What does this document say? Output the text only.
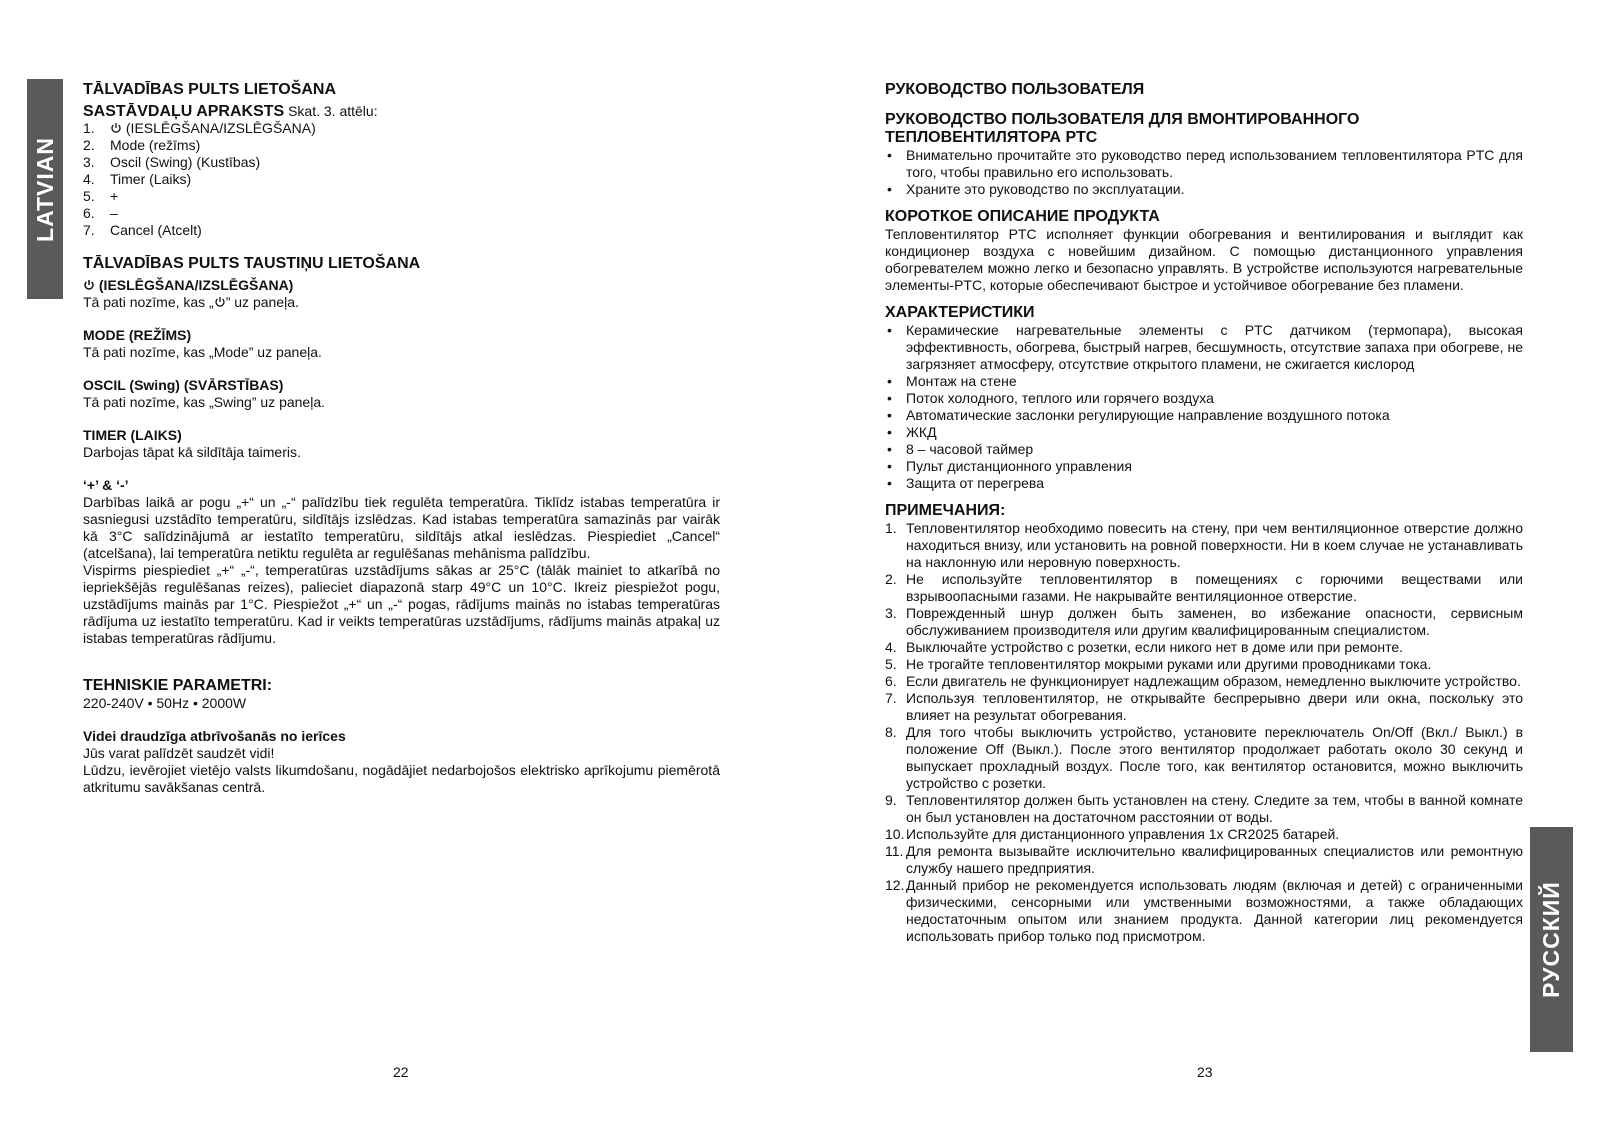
LATVIAN
РУССКИЙ
TĀLVADĪBAS PULTS LIETOŠANA

SASTĀVDAĻU APRAKSTS Skat. 3. attēlu:

1. (IESLĒGŠANA/IZSLĒGŠANA)
2. Mode (režīms)
3. Oscil (Swing) (Kustības)
4. Timer (Laiks)
5. +
6. –
7. Cancel (Atcelt)
TĀLVADĪBAS PULTS TAUSTIŅU LIETOŠANA
(IESLĒGŠANA/IZSLĒGŠANA)

Tā pati nozīme, kas „ ” uz paneļa.

MODE (REŽĪMS)

Tā pati nozīme, kas „Mode” uz paneļa.

OSCIL (Swing) (SVĀRSTĪBAS)

Tā pati nozīme, kas „Swing” uz paneļa.

TIMER (LAIKS)

Darbojas tāpat kā sildītāja taimeris.

‘+’ & ‘-’

Darbības laikā ar pogu „+“ un „-“ palīdzību tiek regulēta temperatūra. Tiklīdz istabas temperatūra ir sasniegusi uzstādīto temperatūru, sildītājs izslēdzas. Kad istabas temperatūra samazinās par vairāk kā 3°C salīdzinājumā ar iestatīto temperatūru, sildītājs atkal ieslēdzas. Piespiediet „Cancel“ (atcelšana), lai temperatūra netiktu regulēta ar regulēšanas mehānisma palīdzību.

Vispirms piespiediet „+“ „-“, temperatūras uzstādījums sākas ar 25°C (tālāk mainiet to atkarībā no iepriekšējās regulēšanas reizes), palieciet diapazonā starp 49°C un 10°C. Ikreiz piespiežot pogu, uzstādījums mainās par 1°C. Piespiežot „+“ un „-“ pogas, rādījums mainās no istabas temperatūras rādījuma uz iestatīto temperatūru. Kad ir veikts temperatūras uzstādījums, rādījums mainās atpakaļ uz istabas temperatūras rādījumu.

TEHNISKIE PARAMETRI:

220-240V • 50Hz • 2000W

Videi draudzīga atbrīvošanās no ierīces

Jūs varat palīdzēt saudzēt vidi!

Lūdzu, ievērojiet vietējo valsts likumdošanu, nogādājiet nedarbojošos elektrisko aprīkojumu piemērotā atkritumu savākšanas centrā.

РУКОВОДСТВО ПОЛЬЗОВАТЕЛЯ
РУКОВОДСТВО ПОЛЬЗОВАТЕЛЯ ДЛЯ ВМОНТИРОВАННОГО ТЕПЛОВЕНТИЛЯТОРА РТС
• Внимательно прочитайте это руководство перед использованием тепловентилятора PTC для того, чтобы правильно его использовать.
• Храните это руководство по эксплуатации.
КОРОТКОЕ ОПИСАНИЕ ПРОДУКТА

Тепловентилятор PTC исполняет функции обогревания и вентилирования и выглядит как кондиционер воздуха с новейшим дизайном. С помощью дистанционного управления обогревателем можно легко и безопасно управлять. В устройстве используются нагревательные элементы-PTC, которые обеспечивают быстрое и устойчивое обогревание без пламени.

ХАРАКТЕРИСТИКИ
• Керамические нагревательные элементы с PTC датчиком (термопара), высокая эффективность, обогрева, быстрый нагрев, бесшумность, отсутствие запаха при обогреве, не загрязняет атмосферу, отсутствие открытого пламени, не сжигается кислород
• Монтаж на стене
• Поток холодного, теплого или горячего воздуха
• Автоматические заслонки регулирующие направление воздушного потока
• ЖКД
• 8 – часовой таймер
• Пульт дистанционного управления
• Защита от перегрева
ПРИМЕЧАНИЯ:
1. Тепловентилятор необходимо повесить на стену, при чем вентиляционное отверстие должно находиться внизу, или установить на ровной поверхности. Ни в коем случае не устанавливать на наклонную или неровную поверхность.
2. Не используйте тепловентилятор в помещениях с горючими веществами или взрывоопасными газами. Не накрывайте вентиляционное отверстие.
3. Поврежденный шнур должен быть заменен, во избежание опасности, сервисным обслуживанием производителя или другим квалифицированным специалистом.
4. Выключайте устройство с розетки, если никого нет в доме или при ремонте.
5. Не трогайте тепловентилятор мокрыми руками или другими проводниками тока.
6. Если двигатель не функционирует надлежащим образом, немедленно выключите устройство.
7. Используя тепловентилятор, не открывайте беспрерывно двери или окна, поскольку это влияет на результат обогревания.
8. Для того чтобы выключить устройство, установите переключатель On/Off (Вкл./ Выкл.) в положение Off (Выкл.). После этого вентилятор продолжает работать около 30 секунд и выпускает прохладный воздух. После того, как вентилятор остановится, можно выключить устройство с розетки.
9. Тепловентилятор должен быть установлен на стену. Следите за тем, чтобы в ванной комнате он был установлен на достаточном расстоянии от воды.
10. Используйте для дистанционного управления 1x CR2025 батарей.
11. Для ремонта вызывайте исключительно квалифицированных специалистов или ремонтную службу нашего предприятия.
12. Данный прибор не рекомендуется использовать людям (включая и детей) с ограниченными физическими, сенсорными или умственными возможностями, а также обладающих недостаточным опытом или знанием продукта. Данной категории лиц рекомендуется использовать прибор только под присмотром.
22	23
